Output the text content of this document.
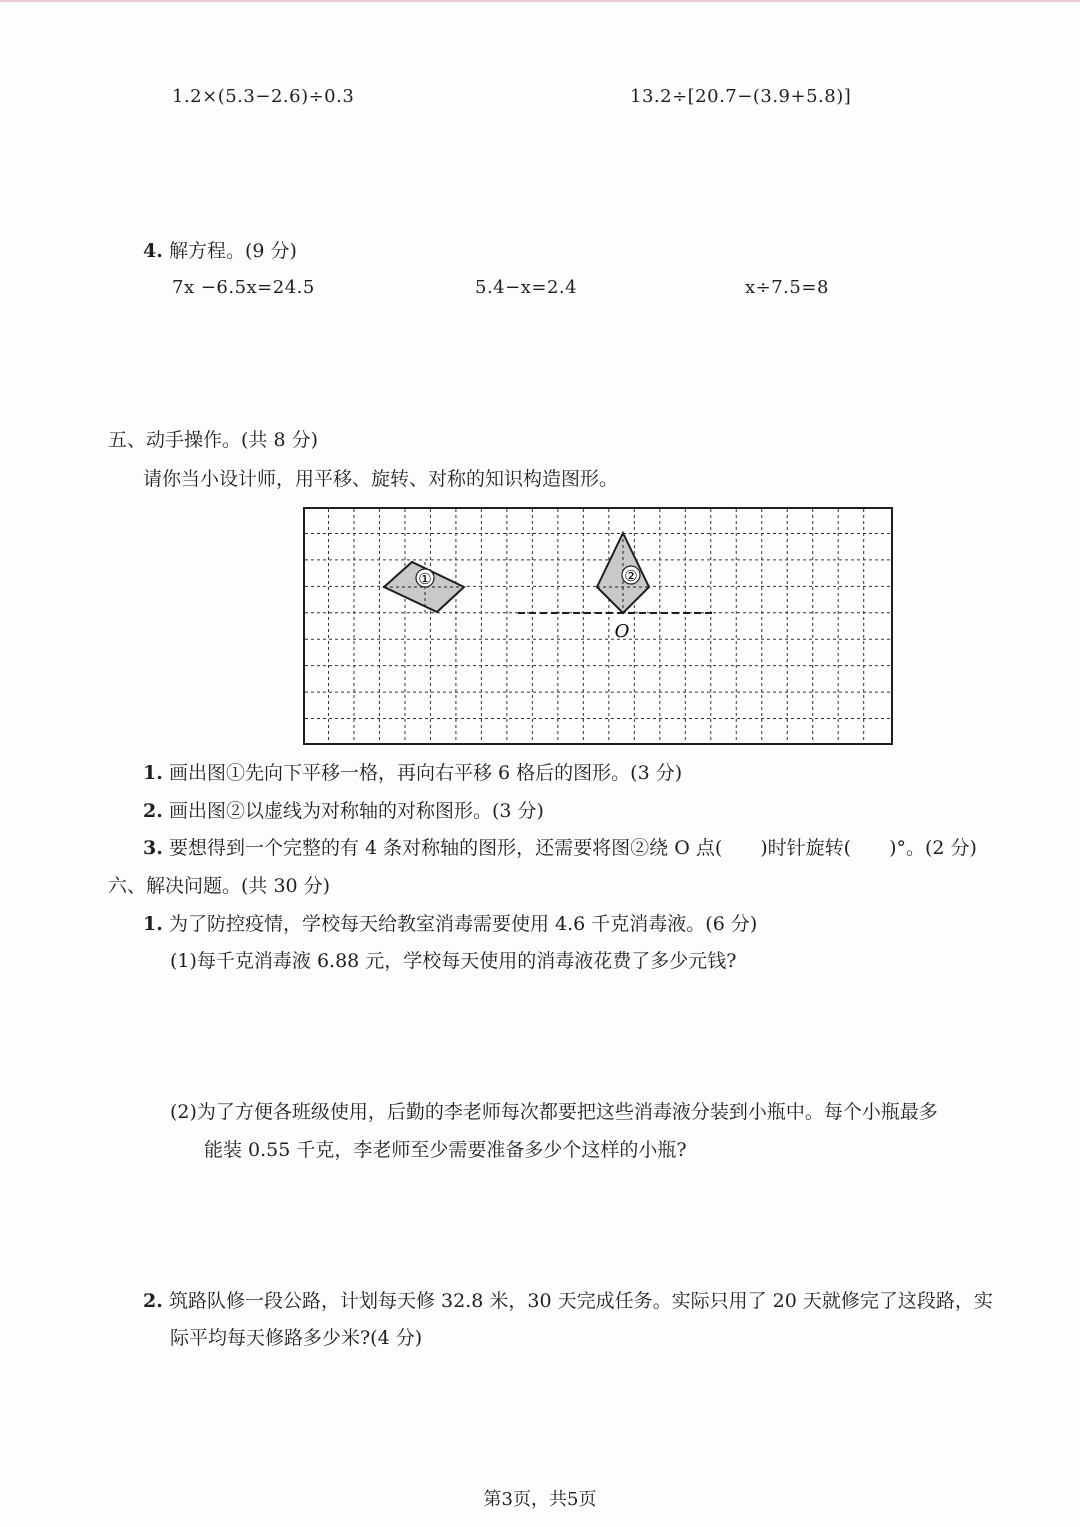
1.2×(5.3−2.6)÷0.3	13.2÷[20.7−(3.9+5.8)]
4. 解方程。(9 分)
7x −6.5x=24.5	5.4−x=2.4	x÷7.5=8
五、动手操作。(共 8 分)
请你当小设计师，用平移、旋转、对称的知识构造图形。
①	②
O
1. 画出图①先向下平移一格，再向右平移 6 格后的图形。(3 分)
2. 画出图②以虚线为对称轴的对称图形。(3 分)
3. 要想得到一个完整的有 4 条对称轴的图形，还需要将图②绕 O 点(　　)时针旋转(　　)°。(2 分)
六、解决问题。(共 30 分)
1. 为了防控疫情，学校每天给教室消毒需要使用 4.6 千克消毒液。(6 分)
(1)每千克消毒液 6.88 元，学校每天使用的消毒液花费了多少元钱?
(2)为了方便各班级使用，后勤的李老师每次都要把这些消毒液分装到小瓶中。每个小瓶最多
能装 0.55 千克，李老师至少需要准备多少个这样的小瓶?
2. 筑路队修一段公路，计划每天修 32.8 米，30 天完成任务。实际只用了 20 天就修完了这段路，实
际平均每天修路多少米?(4 分)
第3页，共5页
